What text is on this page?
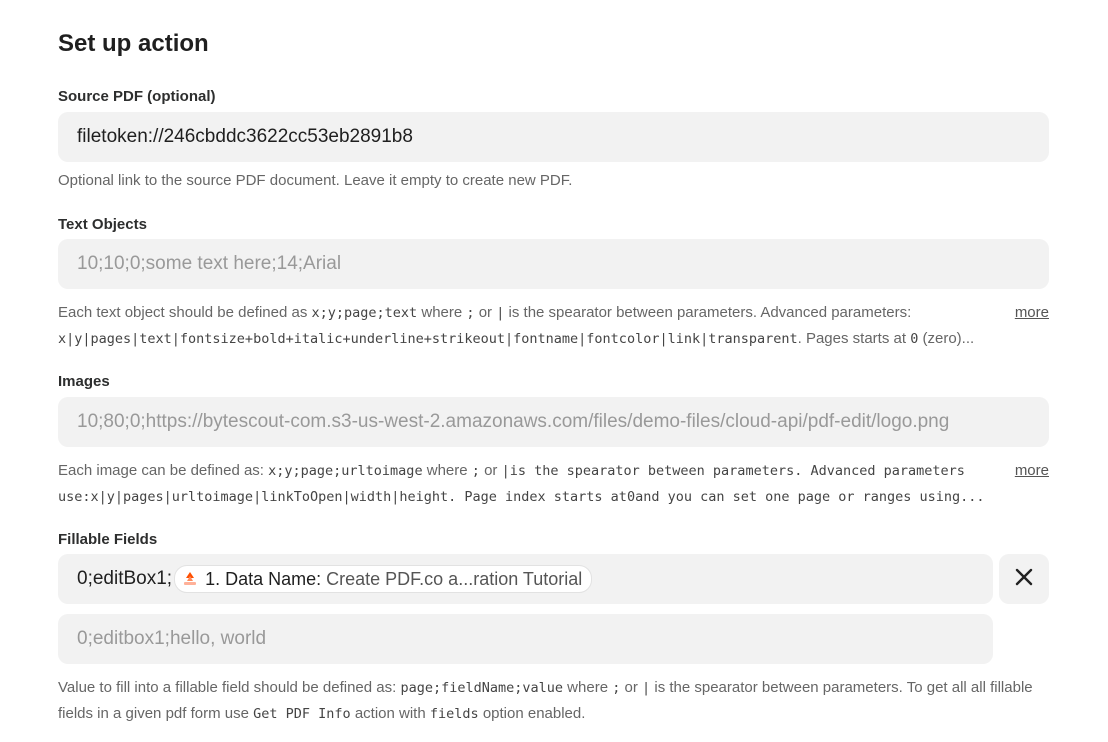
Set up action
Source PDF (optional)
filetoken://246cbddc3622cc53eb2891b8
Optional link to the source PDF document. Leave it empty to create new PDF.
Text Objects
10;10;0;some text here;14;Arial
Each text object should be defined as x;y;page;text where ; or | is the spearator between parameters. Advanced parameters: x|y|pages|text|fontsize+bold+italic+underline+strikeout|fontname|fontcolor|link|transparent. Pages starts at 0 (zero)...
more
Images
10;80;0;https://bytescout-com.s3-us-west-2.amazonaws.com/files/demo-files/cloud-api/pdf-edit/logo.png
Each image can be defined as: x;y;page;urltoimage where ; or |is the spearator between parameters. Advanced parameters use:x|y|pages|urltoimage|linkToOpen|width|height. Page index starts at0and you can set one page or ranges using...
more
Fillable Fields
0;editBox1; 1. Data Name: Create PDF.co a...ration Tutorial
0;editbox1;hello, world
Value to fill into a fillable field should be defined as: page;fieldName;value where ; or | is the spearator between parameters. To get all all fillable fields in a given pdf form use Get PDF Info action with fields option enabled.
